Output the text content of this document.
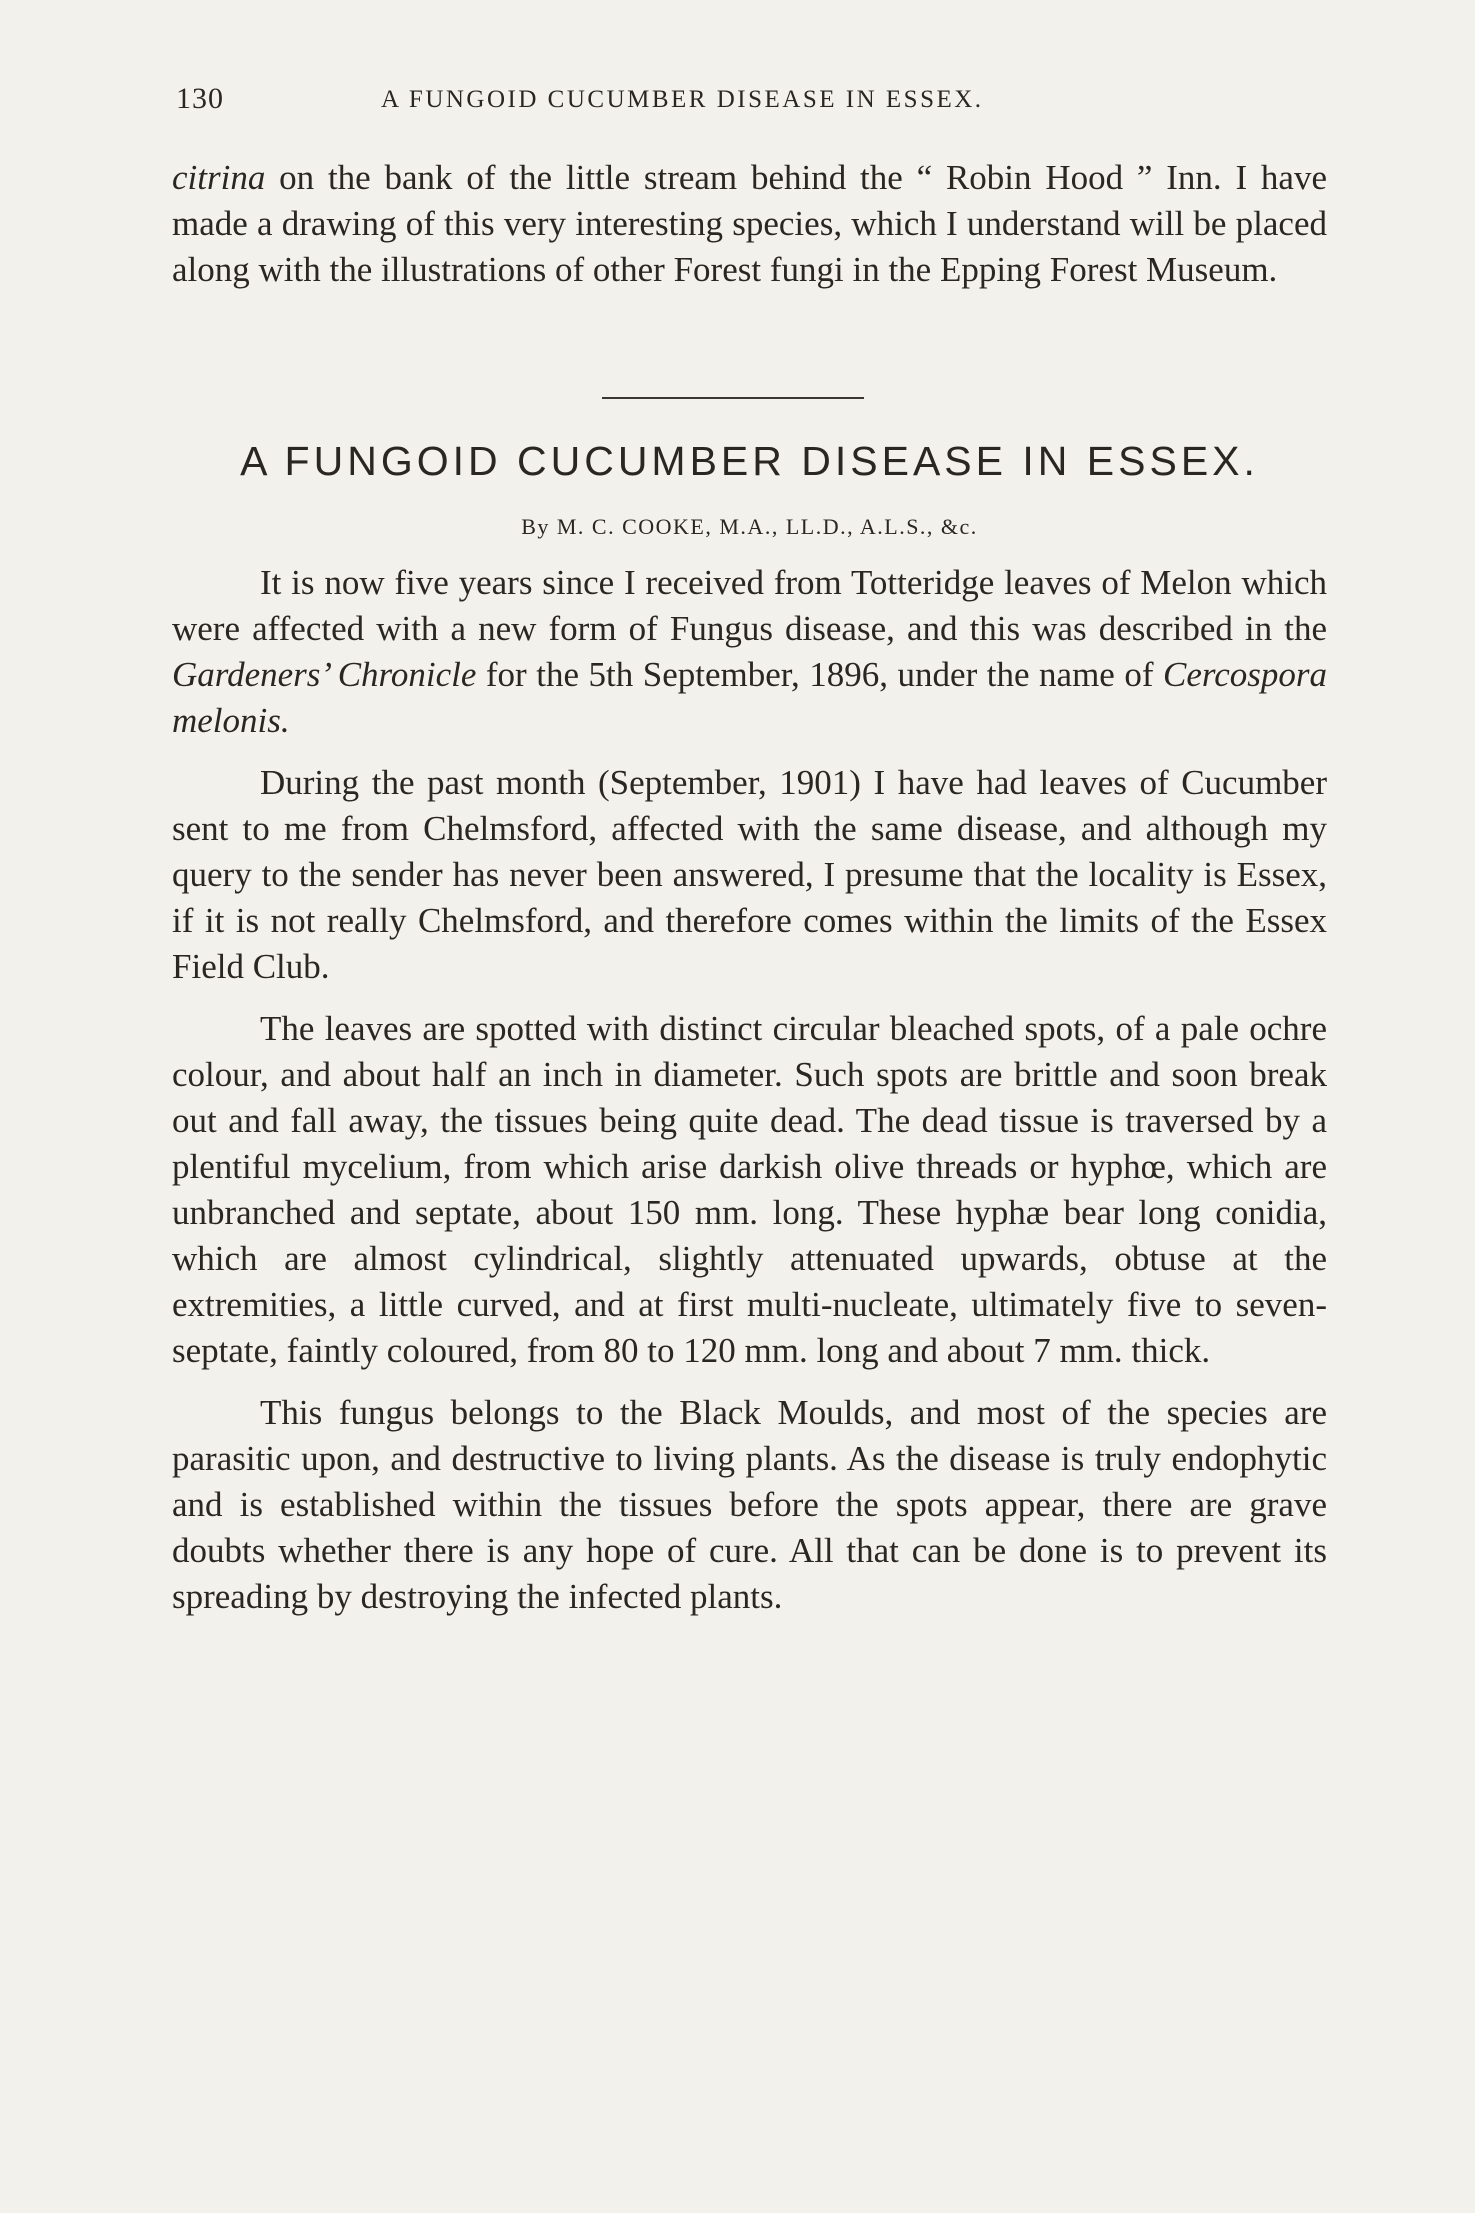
130	A FUNGOID CUCUMBER DISEASE IN ESSEX.

citrina on the bank of the little stream behind the “ Robin Hood ” Inn. I have made a drawing of this very interesting species, which I understand will be placed along with the illustrations of other Forest fungi in the Epping Forest Museum.

A FUNGOID CUCUMBER DISEASE IN ESSEX.
By M. C. COOKE, M.A., LL.D., A.L.S., &c.

It is now five years since I received from Totteridge leaves of Melon which were affected with a new form of Fungus disease, and this was described in the Gardeners’ Chronicle for the 5th September, 1896, under the name of Cercospora melonis.

During the past month (September, 1901) I have had leaves of Cucumber sent to me from Chelmsford, affected with the same disease, and although my query to the sender has never been answered, I presume that the locality is Essex, if it is not really Chelmsford, and therefore comes within the limits of the Essex Field Club.

The leaves are spotted with distinct circular bleached spots, of a pale ochre colour, and about half an inch in diameter. Such spots are brittle and soon break out and fall away, the tissues being quite dead. The dead tissue is traversed by a plentiful mycelium, from which arise darkish olive threads or hyphœ, which are unbranched and septate, about 150 mm. long. These hyphæ bear long conidia, which are almost cylindrical, slightly attenuated upwards, obtuse at the extremities, a little curved, and at first multi-nucleate, ultimately five to seven-septate, faintly coloured, from 80 to 120 mm. long and about 7 mm. thick.

This fungus belongs to the Black Moulds, and most of the species are parasitic upon, and destructive to living plants. As the disease is truly endophytic and is established within the tissues before the spots appear, there are grave doubts whether there is any hope of cure. All that can be done is to prevent its spreading by destroying the infected plants.
